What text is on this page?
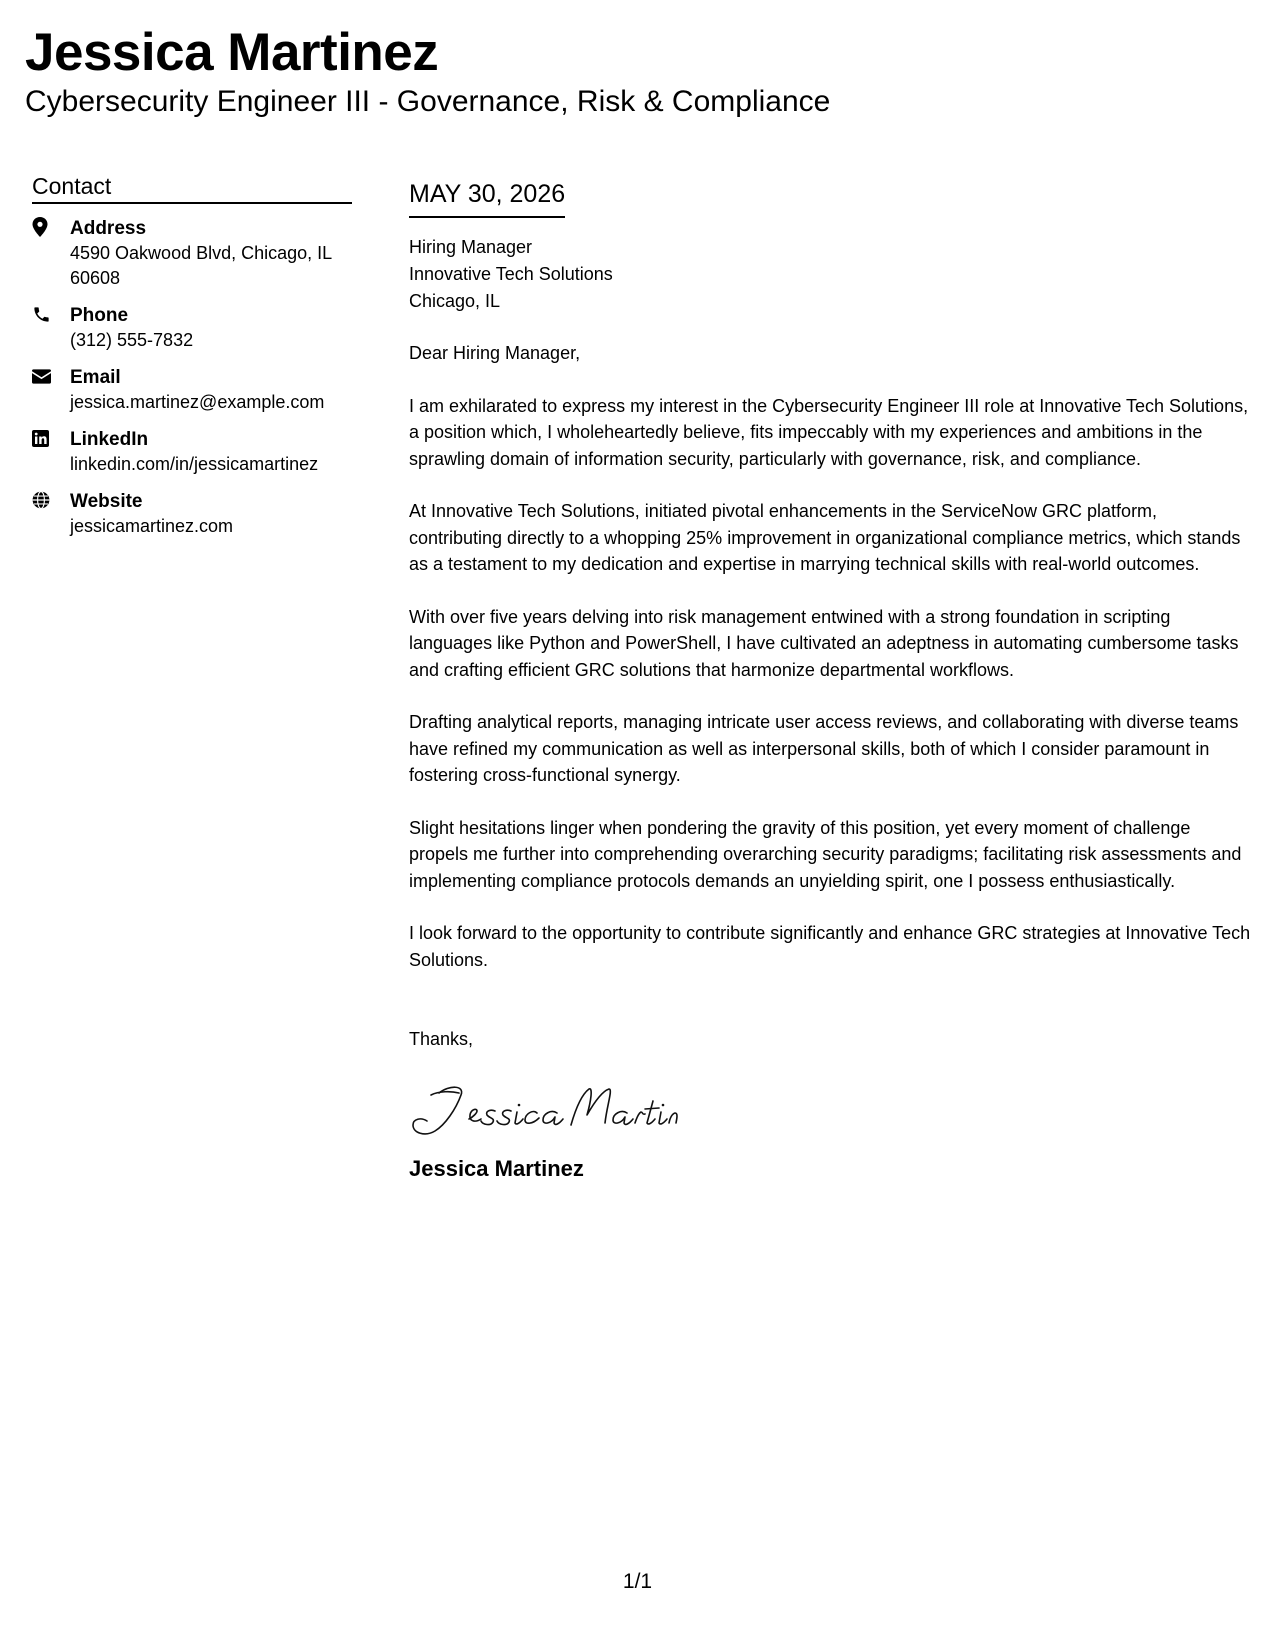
Jessica Martinez
Cybersecurity Engineer III - Governance, Risk & Compliance
Contact
Address
4590 Oakwood Blvd, Chicago, IL 60608
Phone
(312) 555-7832
Email
jessica.martinez@example.com
LinkedIn
linkedin.com/in/jessicamartinez
Website
jessicamartinez.com
MAY 30, 2026
Hiring Manager
Innovative Tech Solutions
Chicago, IL

Dear Hiring Manager,

I am exhilarated to express my interest in the Cybersecurity Engineer III role at Innovative Tech Solutions, a position which, I wholeheartedly believe, fits impeccably with my experiences and ambitions in the sprawling domain of information security, particularly with governance, risk, and compliance.

At Innovative Tech Solutions, initiated pivotal enhancements in the ServiceNow GRC platform, contributing directly to a whopping 25% improvement in organizational compliance metrics, which stands as a testament to my dedication and expertise in marrying technical skills with real-world outcomes.

With over five years delving into risk management entwined with a strong foundation in scripting languages like Python and PowerShell, I have cultivated an adeptness in automating cumbersome tasks and crafting efficient GRC solutions that harmonize departmental workflows.

Drafting analytical reports, managing intricate user access reviews, and collaborating with diverse teams have refined my communication as well as interpersonal skills, both of which I consider paramount in fostering cross-functional synergy.

Slight hesitations linger when pondering the gravity of this position, yet every moment of challenge propels me further into comprehending overarching security paradigms; facilitating risk assessments and implementing compliance protocols demands an unyielding spirit, one I possess enthusiastically.

I look forward to the opportunity to contribute significantly and enhance GRC strategies at Innovative Tech Solutions.

Thanks,

Jessica Martinez
1/1
